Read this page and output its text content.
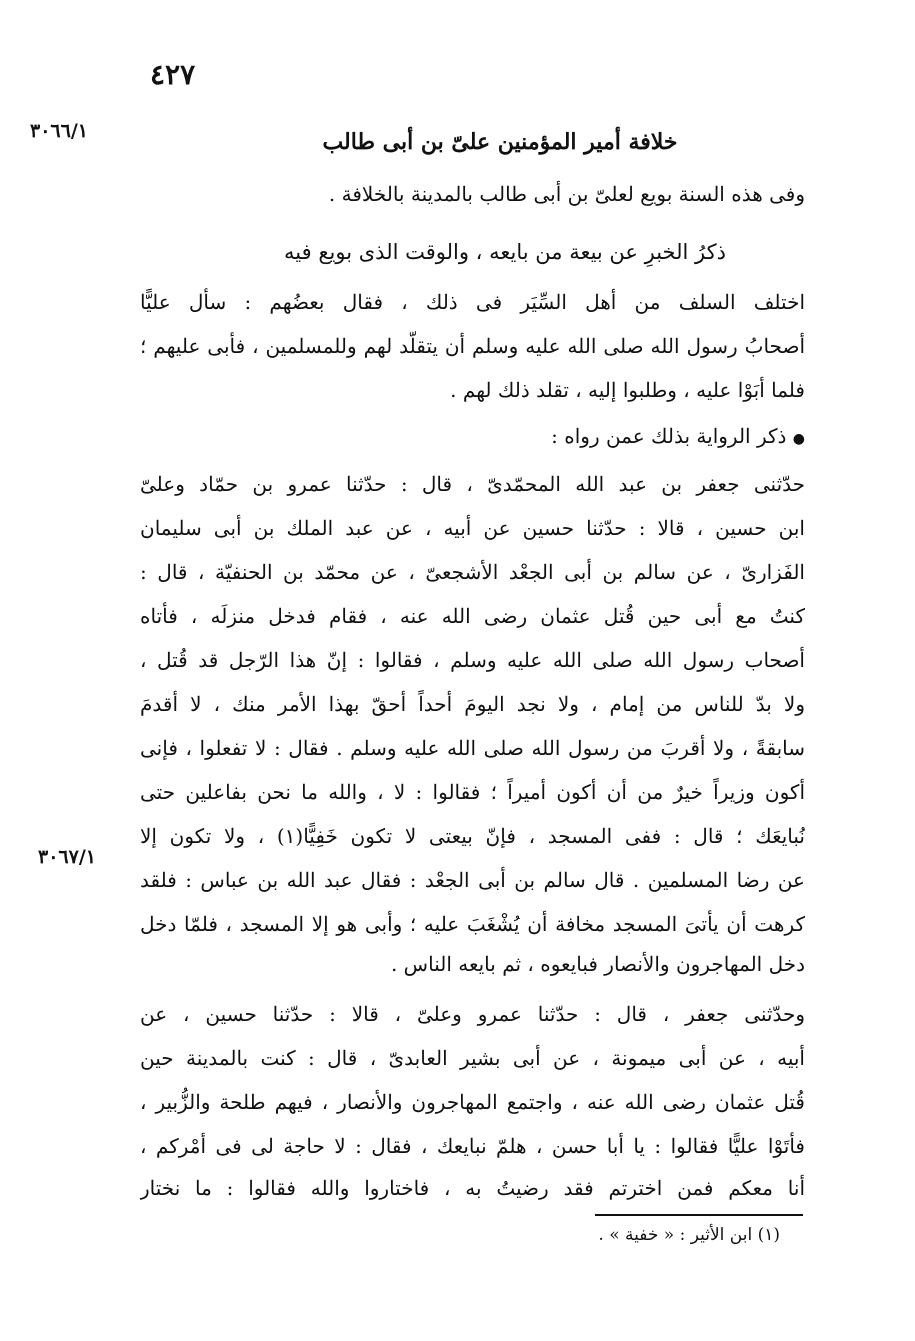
٤٢٧
٣٠٦٦/١
٣٠٦٧/١
خلافة أمير المؤمنين علىّ بن أبى طالب
وفى هذه السنة بويع لعلىّ بن أبى طالب بالمدينة بالخلافة .
ذكرُ الخبرِ عن بيعة من بايعه ، والوقت الذى بويع فيه
اختلف السلف من أهل السِّيَر فى ذلك ، فقال بعضُهم : سأل عليًّا
أصحابُ رسول الله صلى الله عليه وسلم أن يتقلّد لهم وللمسلمين ، فأبى عليهم ؛
فلما أبَوْا عليه ، وطلبوا إليه ، تقلد ذلك لهم .
● ذكر الرواية بذلك عمن رواه :
حدّثنى جعفر بن عبد الله المحمّدىّ ، قال : حدّثنا عمرو بن حمّاد وعلىّ
ابن حسين ، قالا : حدّثنا حسين عن أبيه ، عن عبد الملك بن أبى سليمان
الفَزارىّ ، عن سالم بن أبى الجعْد الأشجعىّ ، عن محمّد بن الحنفيّة ، قال :
كنتُ مع أبى حين قُتل عثمان رضى الله عنه ، فقام فدخل منزلَه ، فأتاه
أصحاب رسول الله صلى الله عليه وسلم ، فقالوا : إنّ هذا الرّجل قد قُتل ،
ولا بدّ للناس من إمام ، ولا نجد اليومَ أحداً أحقّ بهذا الأمر منك ، لا أقدمَ
سابقةً ، ولا أقربَ من رسول الله صلى الله عليه وسلم . فقال : لا تفعلوا ، فإنى
أكون وزيراً خيرٌ من أن أكون أميراً ؛ فقالوا : لا ، والله ما نحن بفاعلين حتى
نُبايعَك ؛ قال : ففى المسجد ، فإنّ بيعتى لا تكون خَفِيًّا(١) ، ولا تكون إلا
عن رضا المسلمين . قال سالم بن أبى الجعْد : فقال عبد الله بن عباس : فلقد
كرهت أن يأتىَ المسجد مخافة أن يُشْغَبَ عليه ؛ وأبى هو إلا المسجد ، فلمّا دخل
دخل المهاجرون والأنصار فبايعوه ، ثم بايعه الناس .
وحدّثنى جعفر ، قال : حدّثنا عمرو وعلىّ ، قالا : حدّثنا حسين ، عن
أبيه ، عن أبى ميمونة ، عن أبى بشير العابدىّ ، قال : كنت بالمدينة حين
قُتل عثمان رضى الله عنه ، واجتمع المهاجرون والأنصار ، فيهم طلحة والزُّبير ،
فأتَوْا عليًّا فقالوا : يا أبا حسن ، هلمّ نبايعك ، فقال : لا حاجة لى فى أمْركم ،
أنا معكم فمن اخترتم فقد رضيتُ به ، فاختاروا والله فقالوا : ما نختار
(١) ابن الأثير : « خفية » .
